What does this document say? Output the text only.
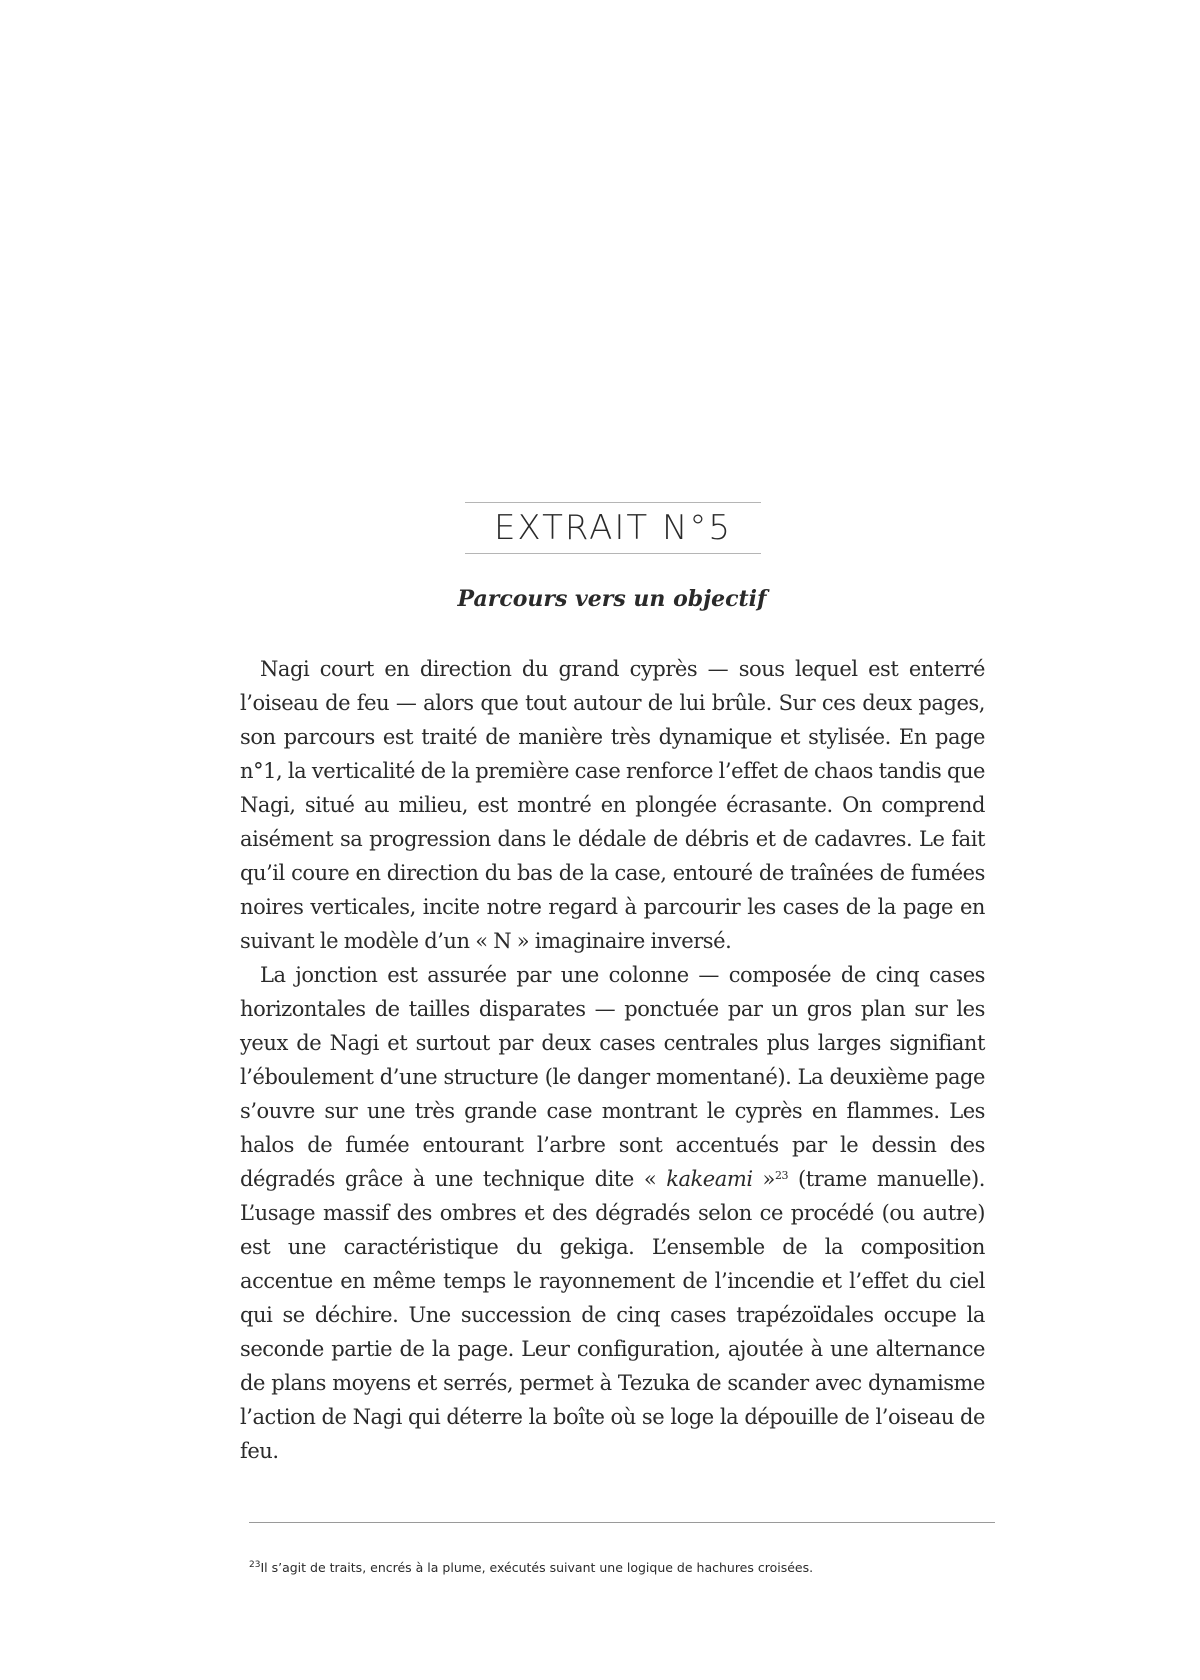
EXTRAIT N°5
Parcours vers un objectif

Nagi court en direction du grand cyprès — sous lequel est enterré l’oiseau de feu — alors que tout autour de lui brûle. Sur ces deux pages, son parcours est traité de manière très dynamique et stylisée. En page n°1, la verticalité de la première case renforce l’effet de chaos tandis que Nagi, situé au milieu, est montré en plongée écrasante. On comprend aisément sa progression dans le dédale de débris et de cadavres. Le fait qu’il coure en direction du bas de la case, entouré de traînées de fumées noires verticales, incite notre regard à parcourir les cases de la page en suivant le modèle d’un « N » imaginaire inversé.

La jonction est assurée par une colonne — composée de cinq cases horizontales de tailles disparates — ponctuée par un gros plan sur les yeux de Nagi et surtout par deux cases centrales plus larges signifiant l’éboulement d’une structure (le danger momentané). La deuxième page s’ouvre sur une très grande case montrant le cyprès en flammes. Les halos de fumée entourant l’arbre sont accentués par le dessin des dégradés grâce à une technique dite « kakeami »$^{23}$ (trame manuelle). L’usage massif des ombres et des dégradés selon ce procédé (ou autre) est une caractéristique du gekiga. L’ensemble de la composition accentue en même temps le rayonnement de l’incendie et l’effet du ciel qui se déchire. Une succession de cinq cases trapézoïdales occupe la seconde partie de la page. Leur configuration, ajoutée à une alternance de plans moyens et serrés, permet à Tezuka de scander avec dynamisme l’action de Nagi qui déterre la boîte où se loge la dépouille de l’oiseau de feu.

$^{23}$Il s’agit de traits, encrés à la plume, exécutés suivant une logique de hachures croisées.
